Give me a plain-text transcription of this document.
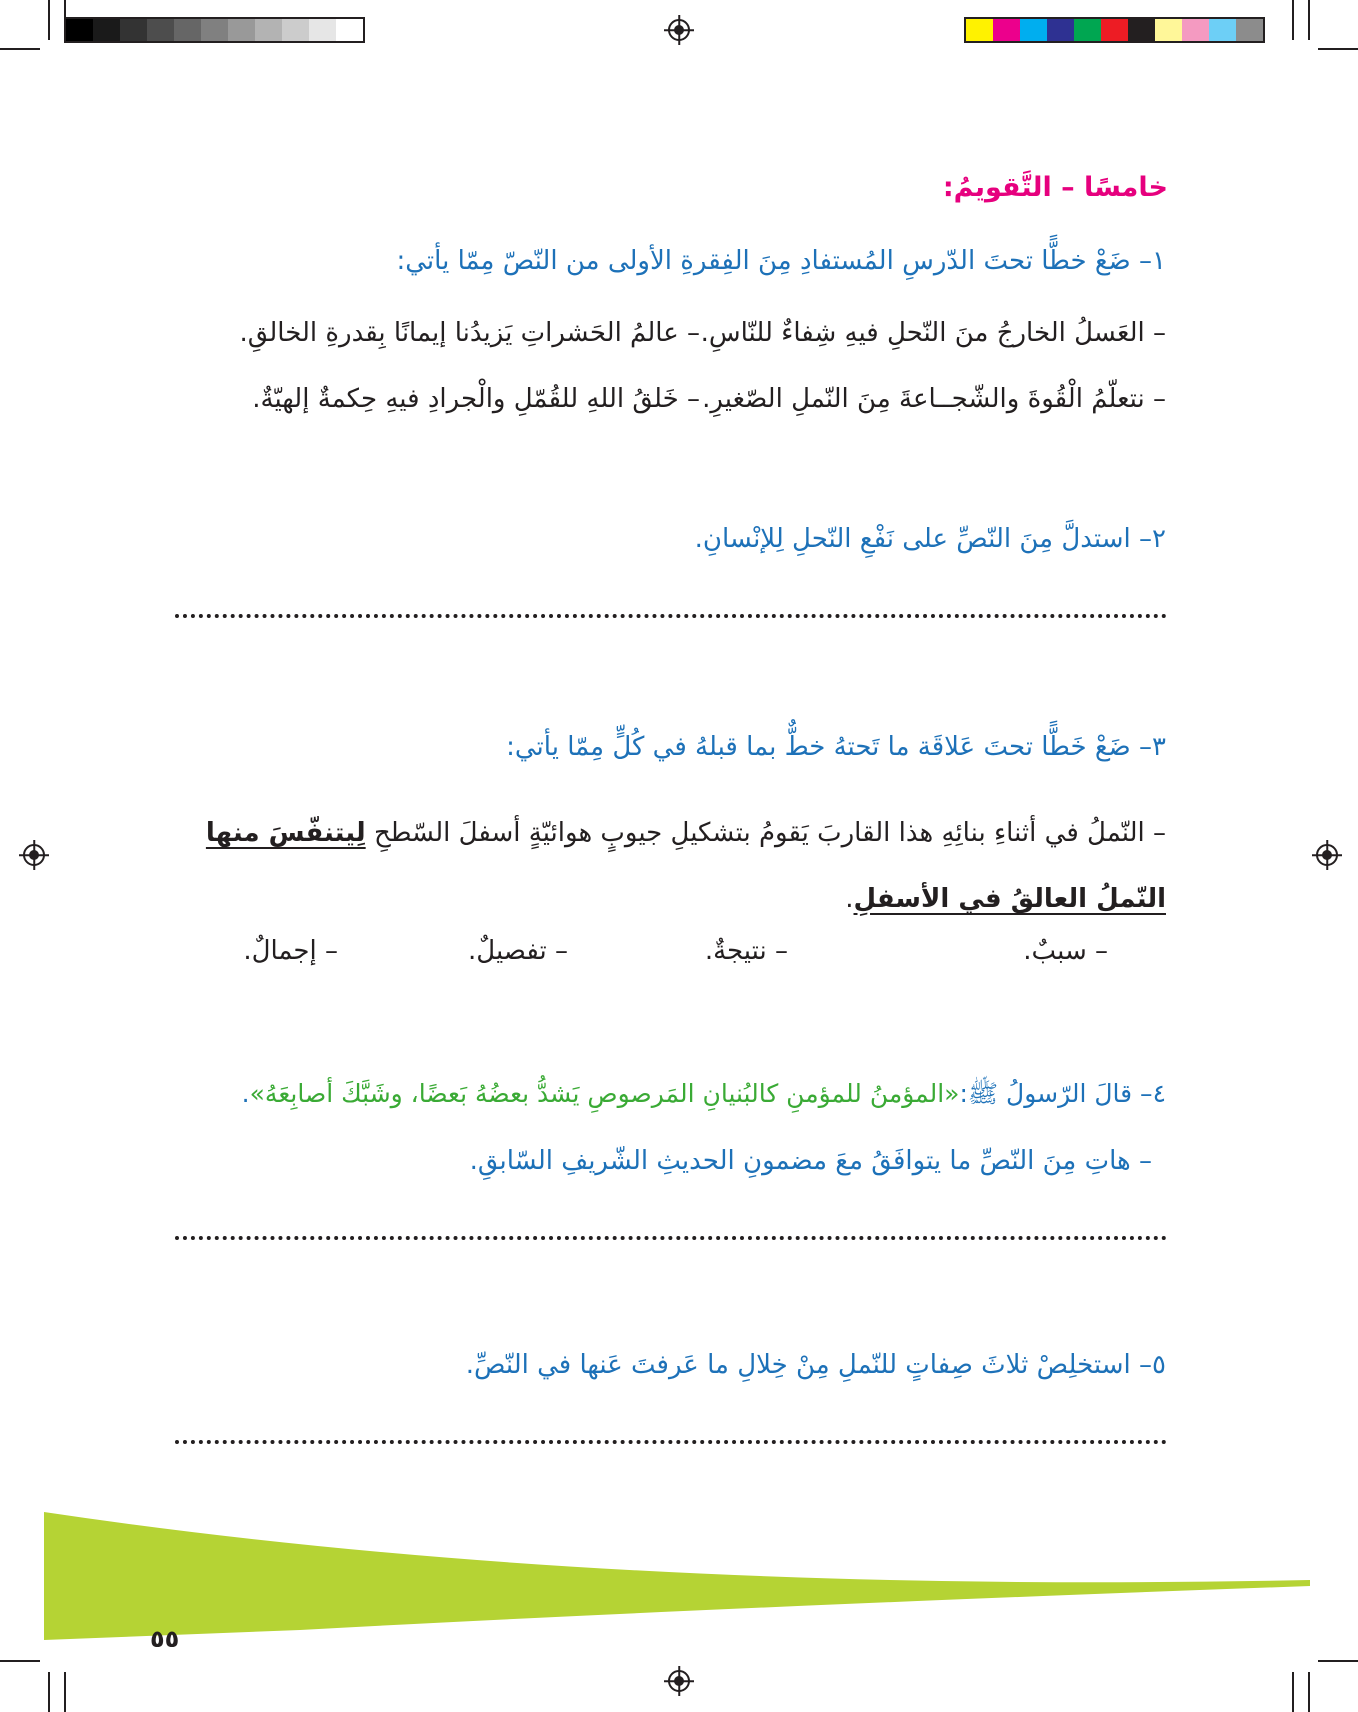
خامسًا – التَّقويمُ:
١– ضَعْ خطًّا تحتَ الدّرسِ المُستفادِ مِنَ الفِقرةِ الأولى من النّصّ مِمّا يأتي:
– عالمُ الحَشراتِ يَزيدُنا إيمانًا بِقدرةِ الخالقِ. – العَسلُ الخارجُ منَ النّحلِ فيهِ شِفاءٌ للنّاسِ.
– خَلقُ اللهِ للقُمّلِ والْجرادِ فيهِ حِكمةٌ إلهيّةٌ. – نتعلّمُ الْقُوةَ والشّجــاعةَ مِنَ النّملِ الصّغيرِ.
٢– استدلَّ مِنَ النّصِّ على نَفْعِ النّحلِ لِلإنْسانِ.
٣– ضَعْ خَطًّا تحتَ عَلاقَة ما تَحتهُ خطٌّ بما قبلهُ في كُلٍّ مِمّا يأتي:
– النّملُ في أثناءِ بنائِهِ هذا القاربَ يَقومُ بتشكيلِ جيوبٍ هوائيّةٍ أسفلَ السّطحِ لِيتنفّسَ منها النّملُ العالقُ في الأسفلِ.
– سببٌ.
– نتيجةٌ.
– تفصيلٌ.
– إجمالٌ.
٤– قالَ الرّسولُ ﷺ:«المؤمنُ للمؤمنِ كالبُنيانِ المَرصوصِ يَشدُّ بعضُهُ بَعضًا، وشَبَّكَ أصابِعَهُ».
– هاتِ مِنَ النّصِّ ما يتوافَقُ معَ مضمونِ الحديثِ الشّريفِ السّابقِ.
٥– استخلِصْ ثلاثَ صِفاتٍ للنّملِ مِنْ خِلالِ ما عَرفتَ عَنها في النّصِّ.
٥٥
